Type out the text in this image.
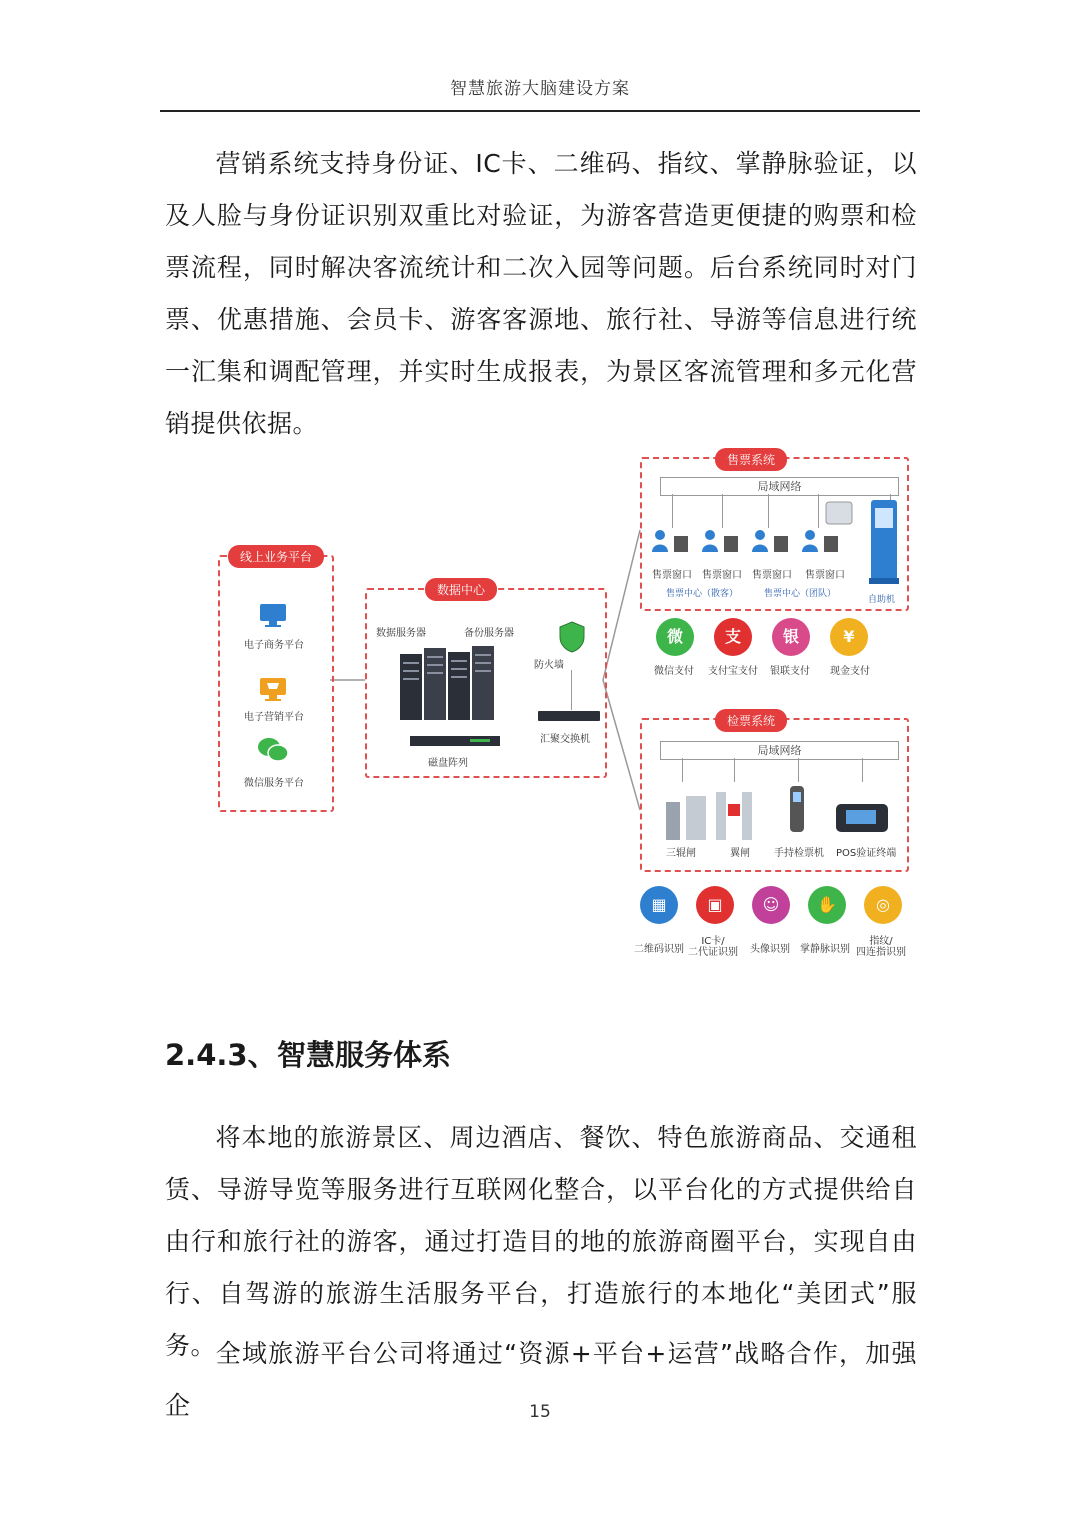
智慧旅游大脑建设方案
营销系统支持身份证、IC卡、二维码、指纹、掌静脉验证，以及人脸与身份证识别双重比对验证，为游客营造更便捷的购票和检票流程，同时解决客流统计和二次入园等问题。后台系统同时对门票、优惠措施、会员卡、游客客源地、旅行社、导游等信息进行统一汇集和调配管理，并实时生成报表，为景区客流管理和多元化营销提供依据。
线上业务平台
电子商务平台
电子营销平台
微信服务平台
数据中心
数据服务器	备份服务器
磁盘阵列
防火墙
汇聚交换机
售票系统
局域网络
售票窗口 售票窗口 售票窗口 售票窗口
售票中心（散客）	售票中心（团队）
自助机
微	支	银	¥
微信支付 支付宝支付 银联支付 现金支付
检票系统
局域网络
三辊闸	翼闸 手持检票机 POS验证终端
▦	▣	☺	✋	◎
二维码识别
IC卡/
二代证识别 头像识别 掌静脉识别
指纹/
四连指识别
2.4.3、智慧服务体系
将本地的旅游景区、周边酒店、餐饮、特色旅游商品、交通租赁、导游导览等服务进行互联网化整合，以平台化的方式提供给自由行和旅行社的游客，通过打造目的地的旅游商圈平台，实现自由行、自驾游的旅游生活服务平台，打造旅行的本地化“美团式”服务。
全域旅游平台公司将通过“资源+平台+运营”战略合作，加强企	15
